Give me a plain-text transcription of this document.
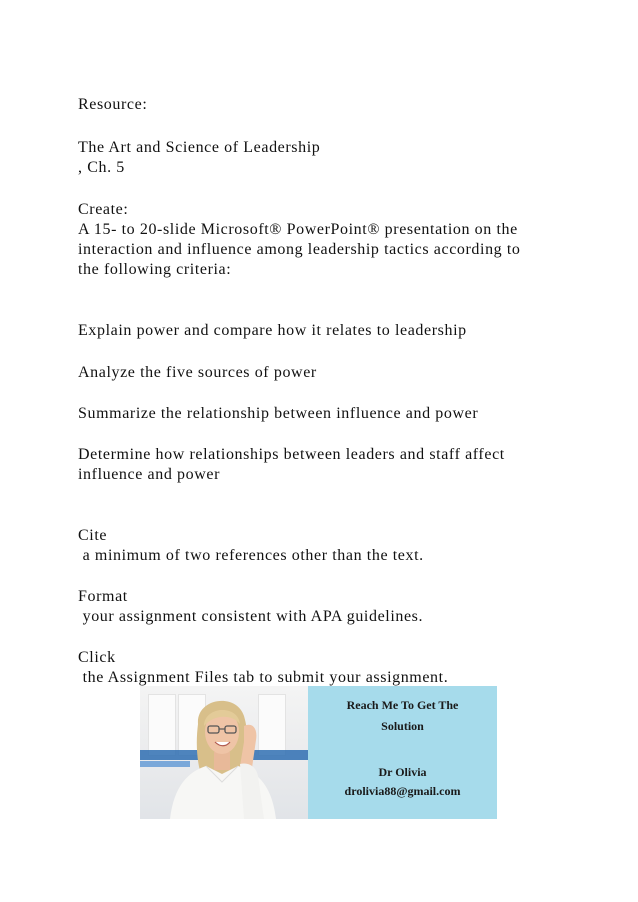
Resource:
The Art and Science of Leadership
, Ch. 5
Create:
A 15- to 20-slide Microsoft® PowerPoint® presentation on the
interaction and influence among leadership tactics according to
the following criteria:
Explain power and compare how it relates to leadership
Analyze the five sources of power
Summarize the relationship between influence and power
Determine how relationships between leaders and staff affect
influence and power
Cite
a minimum of two references other than the text.
Format
your assignment consistent with APA guidelines.
Click
the Assignment Files tab to submit your assignment.
Reach Me To Get The
Solution
Dr Olivia
drolivia88@gmail.com
